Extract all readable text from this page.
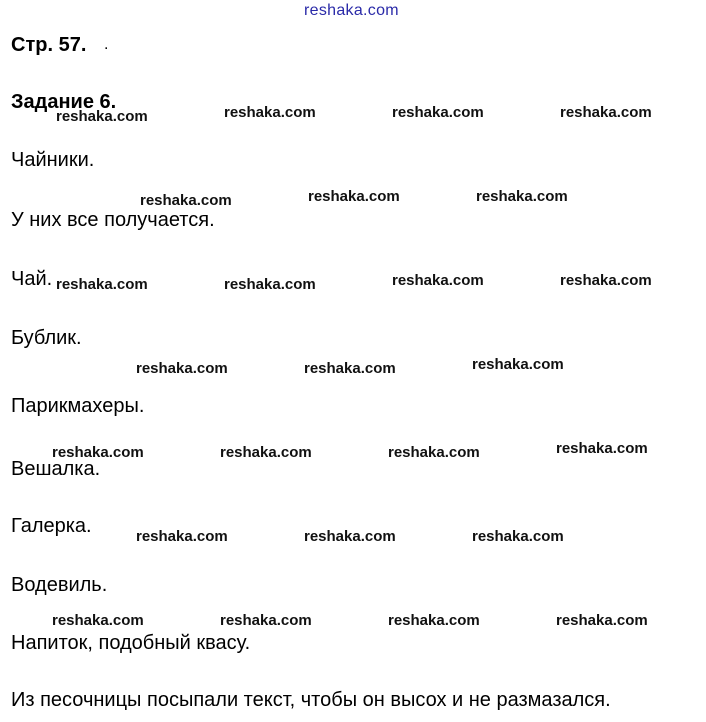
reshaka.com
Стр. 57. .
Задание 6.
Чайники.
У них все получается.
Чай.
Бублик.
Парикмахеры.
Вешалка.
Галерка.
Водевиль.
Напиток, подобный квасу.
Из песочницы посыпали текст, чтобы он высох и не размазался.
reshaka.com	reshaka.com	reshaka.com	reshaka.com
reshaka.com	reshaka.com	reshaka.com
reshaka.com	reshaka.com	reshaka.com	reshaka.com
reshaka.com	reshaka.com	reshaka.com
reshaka.com	reshaka.com	reshaka.com	reshaka.com
reshaka.com	reshaka.com	reshaka.com
reshaka.com	reshaka.com	reshaka.com	reshaka.com
